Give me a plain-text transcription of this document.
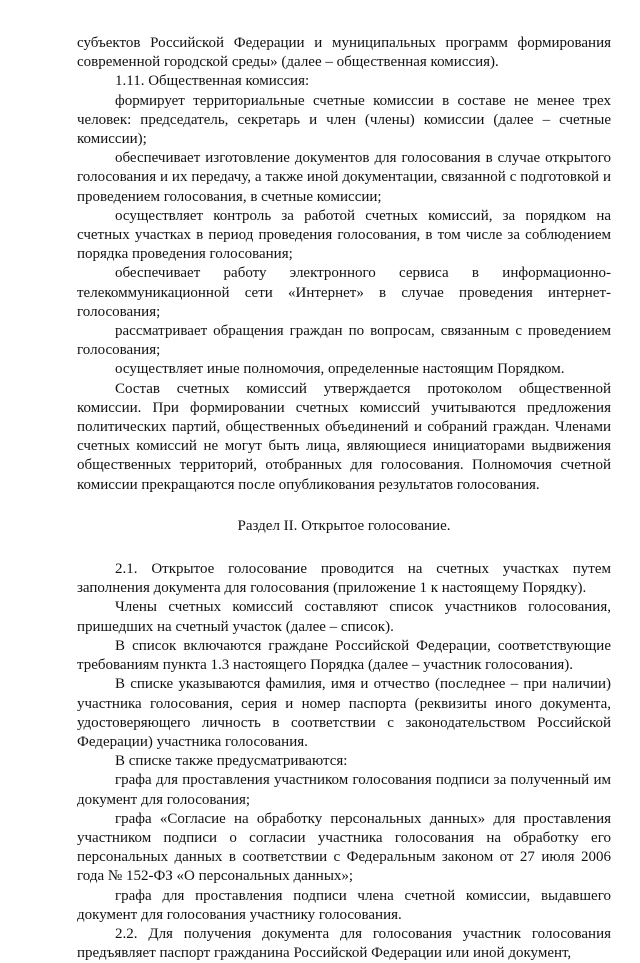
субъектов Российской Федерации и муниципальных программ формирования современной городской среды» (далее – общественная комиссия).

1.11. Общественная комиссия:

формирует территориальные счетные комиссии в составе не менее трех человек: председатель, секретарь и член (члены) комиссии (далее – счетные комиссии);

обеспечивает изготовление документов для голосования в случае открытого голосования и их передачу, а также иной документации, связанной с подготовкой и проведением голосования, в счетные комиссии;

осуществляет контроль за работой счетных комиссий, за порядком на счетных участках в период проведения голосования, в том числе за соблюдением порядка проведения голосования;

обеспечивает работу электронного сервиса в информационно-телекоммуникационной сети «Интернет» в случае проведения интернет-голосования;

рассматривает обращения граждан по вопросам, связанным с проведением голосования;

осуществляет иные полномочия, определенные настоящим Порядком.

Состав счетных комиссий утверждается протоколом общественной комиссии. При формировании счетных комиссий учитываются предложения политических партий, общественных объединений и собраний граждан. Членами счетных комиссий не могут быть лица, являющиеся инициаторами выдвижения общественных территорий, отобранных для голосования. Полномочия счетной комиссии прекращаются после опубликования результатов голосования.

Раздел II. Открытое голосование.

2.1. Открытое голосование проводится на счетных участках путем заполнения документа для голосования (приложение 1 к настоящему Порядку).

Члены счетных комиссий составляют список участников голосования, пришедших на счетный участок (далее – список).

В список включаются граждане Российской Федерации, соответствующие требованиям пункта 1.3 настоящего Порядка (далее – участник голосования).

В списке указываются фамилия, имя и отчество (последнее – при наличии) участника голосования, серия и номер паспорта (реквизиты иного документа, удостоверяющего личность в соответствии с законодательством Российской Федерации) участника голосования.

В списке также предусматриваются:

графа для проставления участником голосования подписи за полученный им документ для голосования;

графа «Согласие на обработку персональных данных» для проставления участником подписи о согласии участника голосования на обработку его персональных данных в соответствии с Федеральным законом от 27 июля 2006 года № 152-ФЗ «О персональных данных»;

графа для проставления подписи члена счетной комиссии, выдавшего документ для голосования участнику голосования.

2.2. Для получения документа для голосования участник голосования предъявляет паспорт гражданина Российской Федерации или иной документ,
